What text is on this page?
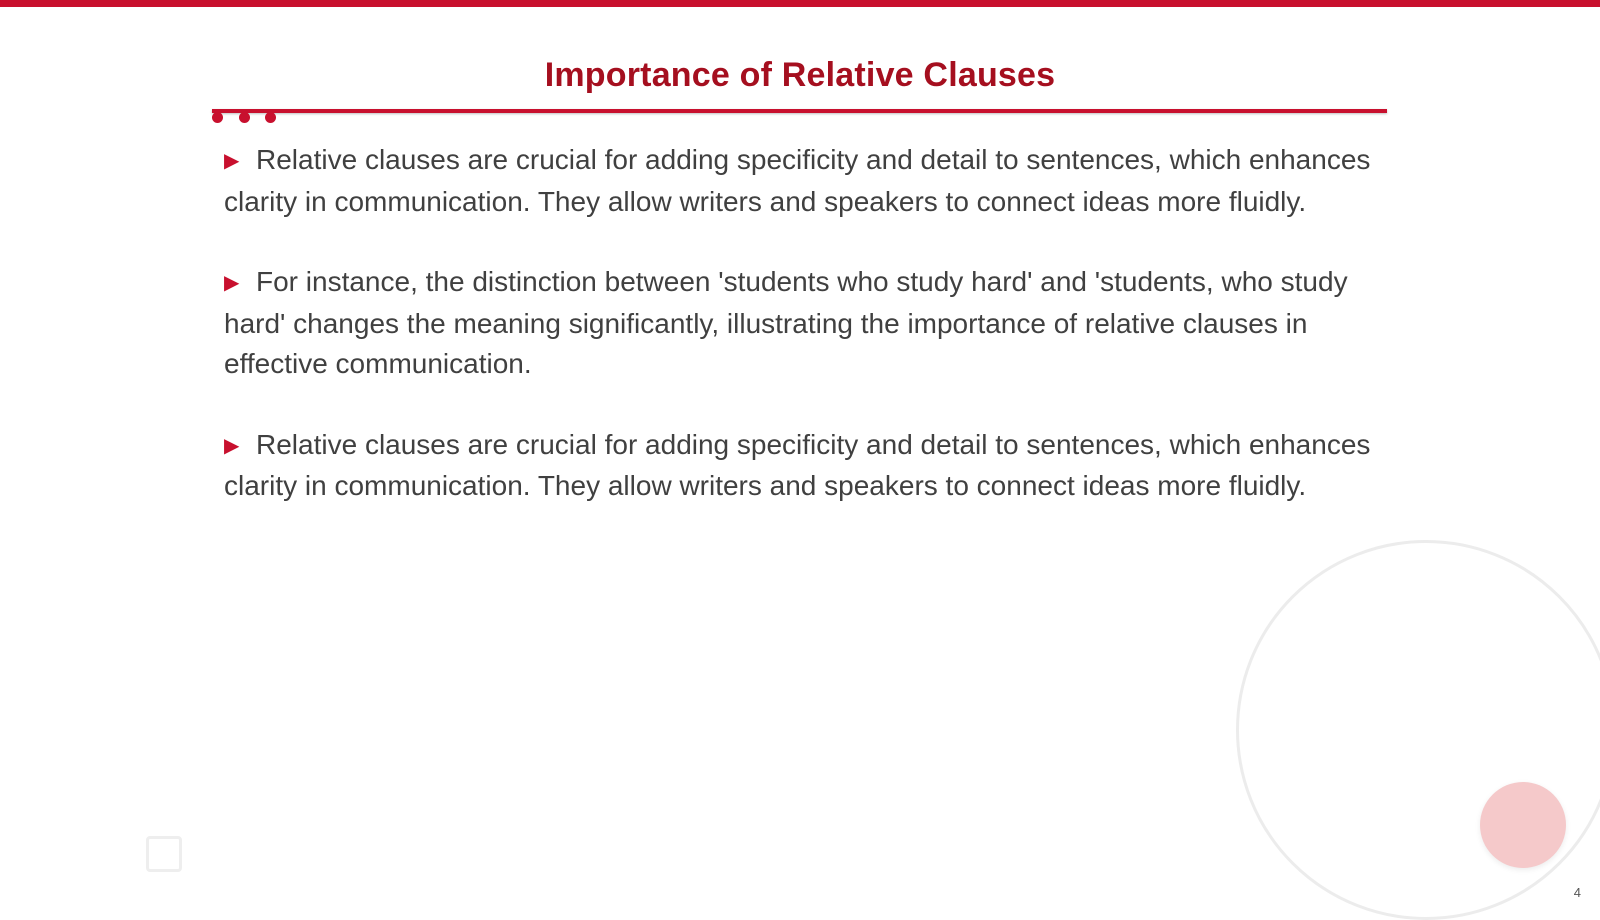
Importance of Relative Clauses
▶ Relative clauses are crucial for adding specificity and detail to sentences, which enhances clarity in communication. They allow writers and speakers to connect ideas more fluidly.
▶ For instance, the distinction between 'students who study hard' and 'students, who study hard' changes the meaning significantly, illustrating the importance of relative clauses in effective communication.
▶ Relative clauses are crucial for adding specificity and detail to sentences, which enhances clarity in communication. They allow writers and speakers to connect ideas more fluidly.
4
